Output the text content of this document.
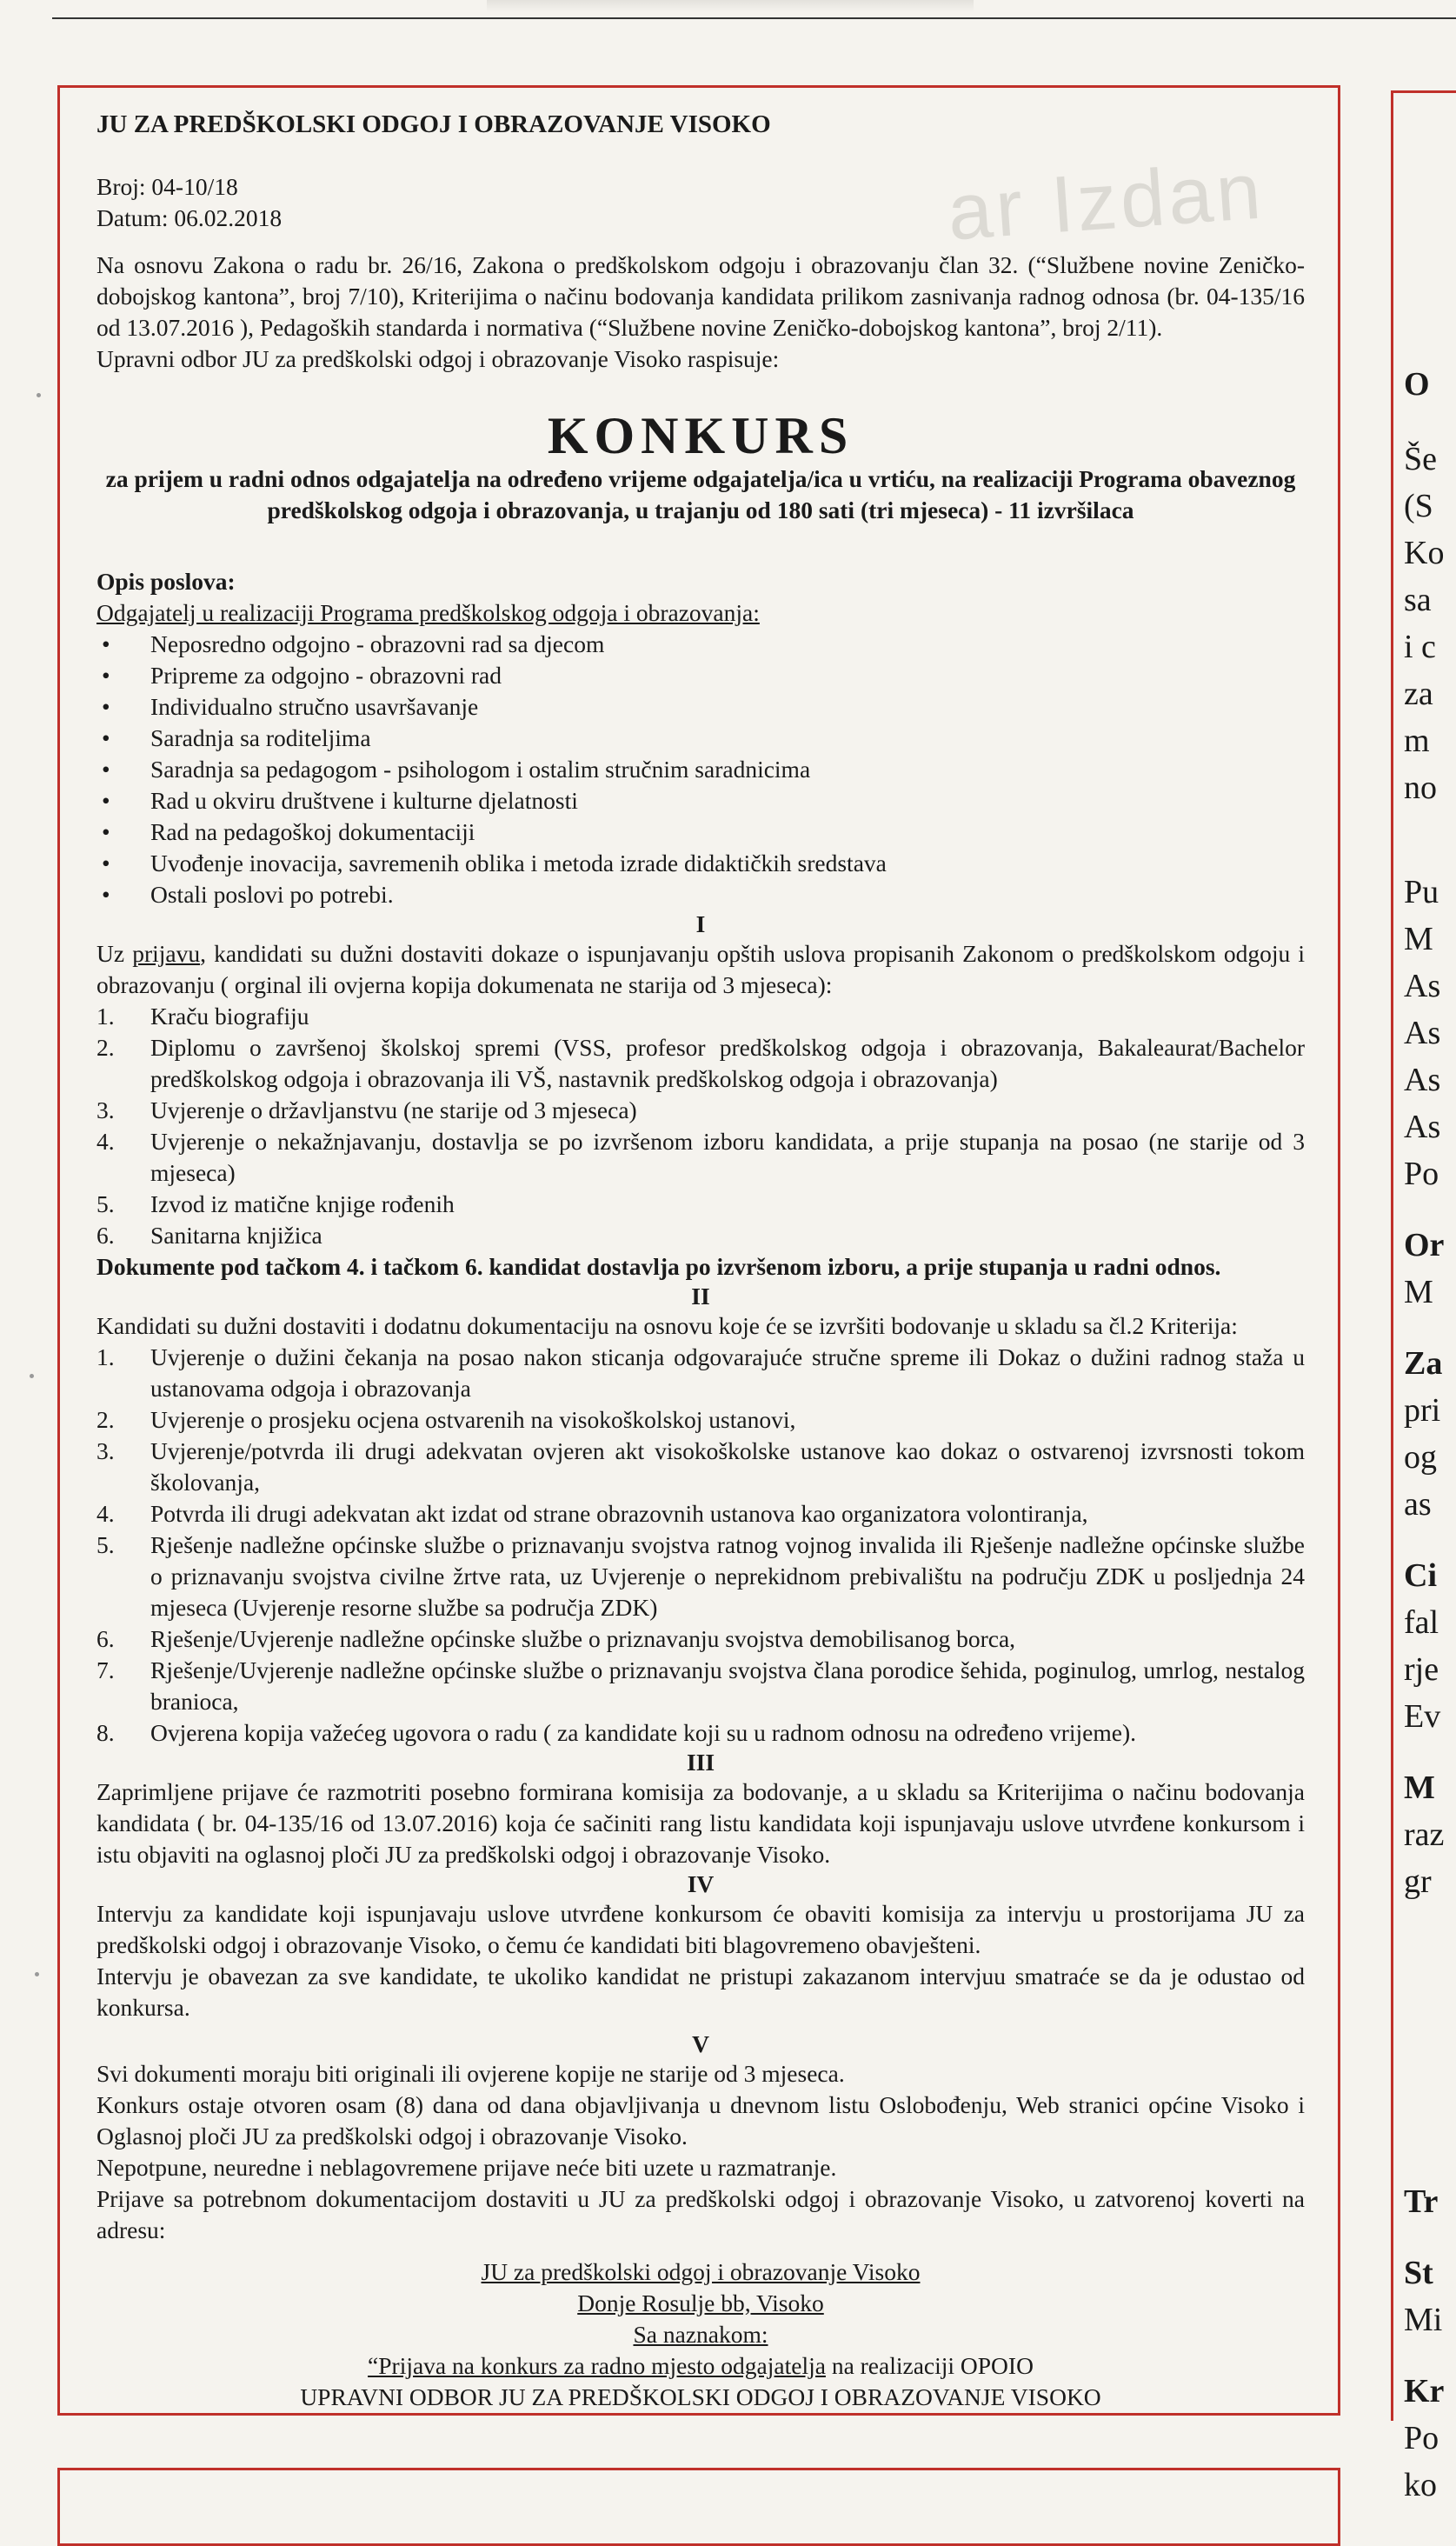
ar Izdan

JU ZA PREDŠKOLSKI ODGOJ I OBRAZOVANJE VISOKO

Broj: 04-10/18

Datum: 06.02.2018

Na osnovu Zakona o radu br. 26/16, Zakona o predškolskom odgoju i obrazovanju član 32. (“Službene novine Zeničko-dobojskog kantona”, broj 7/10), Kriterijima o načinu bodovanja kandidata prilikom zasnivanja radnog odnosa (br. 04-135/16 od 13.07.2016 ), Pedagoških standarda i normativa (“Službene novine Zeničko-dobojskog kantona”, broj 2/11).

Upravni odbor JU za predškolski odgoj i obrazovanje Visoko raspisuje:

KONKURS

za prijem u radni odnos odgajatelja na određeno vrijeme odgajatelja/ica u vrtiću, na realizaciji Programa obaveznog predškolskog odgoja i obrazovanja, u trajanju od 180 sati (tri mjeseca) - 11 izvršilaca

Opis poslova:

Odgajatelj u realizaciji Programa predškolskog odgoja i obrazovanja:

• Neposredno odgojno - obrazovni rad sa djecom
• Pripreme za odgojno - obrazovni rad
• Individualno stručno usavršavanje
• Saradnja sa roditeljima
• Saradnja sa pedagogom - psihologom i ostalim stručnim saradnicima
• Rad u okviru društvene i kulturne djelatnosti
• Rad na pedagoškoj dokumentaciji
• Uvođenje inovacija, savremenih oblika i metoda izrade didaktičkih sredstava
• Ostali poslovi po potrebi.

I

Uz prijavu, kandidati su dužni dostaviti dokaze o ispunjavanju opštih uslova propisanih Zakonom o predškolskom odgoju i obrazovanju ( orginal ili ovjerna kopija dokumenata ne starija od 3 mjeseca):

1.	Kraču biografiju
2.	Diplomu o završenoj školskoj spremi (VSS, profesor predškolskog odgoja i obrazovanja, Bakaleaurat/Bachelor predškolskog odgoja i obrazovanja ili VŠ, nastavnik predškolskog odgoja i obrazovanja)
3.	Uvjerenje o državljanstvu (ne starije od 3 mjeseca)
4.	Uvjerenje o nekažnjavanju, dostavlja se po izvršenom izboru kandidata, a prije stupanja na posao (ne starije od 3 mjeseca)
5.	Izvod iz matične knjige rođenih
6.	Sanitarna knjižica

Dokumente pod tačkom 4. i tačkom 6. kandidat dostavlja po izvršenom izboru, a prije stupanja u radni odnos.

II

Kandidati su dužni dostaviti i dodatnu dokumentaciju na osnovu koje će se izvršiti bodovanje u skladu sa čl.2 Kriterija:

1.	Uvjerenje o dužini čekanja na posao nakon sticanja odgovarajuće stručne spreme ili Dokaz o dužini radnog staža u ustanovama odgoja i obrazovanja
2.	Uvjerenje o prosjeku ocjena ostvarenih na visokoškolskoj ustanovi,
3.	Uvjerenje/potvrda ili drugi adekvatan ovjeren akt visokoškolske ustanove kao dokaz o ostvarenoj izvrsnosti tokom školovanja,
4.	Potvrda ili drugi adekvatan akt izdat od strane obrazovnih ustanova kao organizatora volontiranja,
5.	Rješenje nadležne općinske službe o priznavanju svojstva ratnog vojnog invalida ili Rješenje nadležne općinske službe o priznavanju svojstva civilne žrtve rata, uz Uvjerenje o neprekidnom prebivalištu na području ZDK u posljednja 24 mjeseca (Uvjerenje resorne službe sa područja ZDK)
6.	Rješenje/Uvjerenje nadležne općinske službe o priznavanju svojstva demobilisanog borca,
7.	Rješenje/Uvjerenje nadležne općinske službe o priznavanju svojstva člana porodice šehida, poginulog, umrlog, nestalog branioca,
8.	Ovjerena kopija važećeg ugovora o radu ( za kandidate koji su u radnom odnosu na određeno vrijeme).

III

Zaprimljene prijave će razmotriti posebno formirana komisija za bodovanje, a u skladu sa Kriterijima o načinu bodovanja kandidata ( br. 04-135/16 od 13.07.2016) koja će sačiniti rang listu kandidata koji ispunjavaju uslove utvrđene konkursom i istu objaviti na oglasnoj ploči JU za predškolski odgoj i obrazovanje Visoko.

IV

Intervju za kandidate koji ispunjavaju uslove utvrđene konkursom će obaviti komisija za intervju u prostorijama JU za predškolski odgoj i obrazovanje Visoko, o čemu će kandidati biti blagovremeno obavješteni.

Intervju je obavezan za sve kandidate, te ukoliko kandidat ne pristupi zakazanom intervjuu smatraće se da je odustao od konkursa.

V

Svi dokumenti moraju biti originali ili ovjerene kopije ne starije od 3 mjeseca.

Konkurs ostaje otvoren osam (8) dana od dana objavljivanja u dnevnom listu Oslobođenju, Web stranici općine Visoko i Oglasnoj ploči JU za predškolski odgoj i obrazovanje Visoko.

Nepotpune, neuredne i neblagovremene prijave neće biti uzete u razmatranje.

Prijave sa potrebnom dokumentacijom dostaviti u JU za predškolski odgoj i obrazovanje Visoko, u zatvorenoj koverti na adresu:

JU za predškolski odgoj i obrazovanje Visoko

Donje Rosulje bb, Visoko

Sa naznakom:

“Prijava na konkurs za radno mjesto odgajatelja na realizaciji OPOIO

UPRAVNI ODBOR JU ZA PREDŠKOLSKI ODGOJ I OBRAZOVANJE VISOKO

O
Še
(S
Ko
sa
i c
za
m
no
Pu
M
As
As
As
As
Po
Or
M
Za
pri
og
as
Ci
fal
rje
Ev
M
raz
gr
Tr
St
Mi
Kr
Po
ko
